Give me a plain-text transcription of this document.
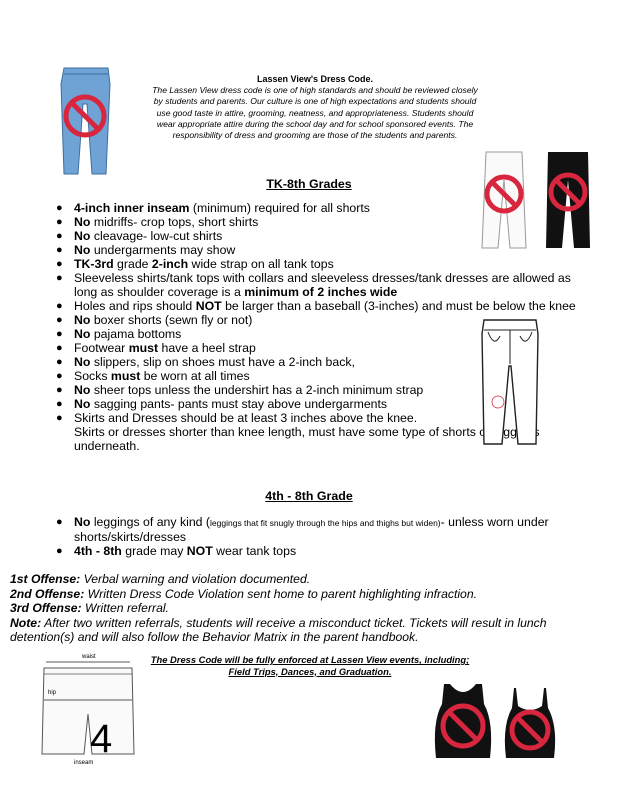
Lassen View's Dress Code.
The Lassen View dress code is one of high standards and should be reviewed closely by students and parents. Our culture is one of high expectations and students should use good taste in attire, grooming, neatness, and appropriateness. Students should wear appropriate attire during the school day and for school sponsored events. The responsibility of dress and grooming are those of the students and parents.
TK-8th Grades
● 4-inch inner inseam (minimum) required for all shorts
● No midriffs- crop tops, short shirts
● No cleavage- low-cut shirts
● No undergarments may show
● TK-3rd grade 2-inch wide strap on all tank tops
● Sleeveless shirts/tank tops with collars and sleeveless dresses/tank dresses are allowed as long as shoulder coverage is a minimum of 2 inches wide
● Holes and rips should NOT be larger than a baseball (3-inches) and must be below the knee
● No boxer shorts (sewn fly or not)
● No pajama bottoms
● Footwear must have a heel strap
● No slippers, slip on shoes must have a 2-inch back,
● Socks must be worn at all times
● No sheer tops unless the undershirt has a 2-inch minimum strap
● No sagging pants- pants must stay above undergarments
● Skirts and Dresses should be at least 3 inches above the knee.
Skirts or dresses shorter than knee length, must have some type of shorts or leggings underneath.
4th - 8th Grade
● No leggings of any kind (leggings that fit snugly through the hips and thighs but widen)- unless worn under shorts/skirts/dresses
● 4th - 8th grade may NOT wear tank tops
1st Offense: Verbal warning and violation documented.
2nd Offense: Written Dress Code Violation sent home to parent highlighting infraction.
3rd Offense: Written referral.
Note: After two written referrals, students will receive a misconduct ticket. Tickets will result in lunch detention(s) and will also follow the Behavior Matrix in the parent handbook.
The Dress Code will be fully enforced at Lassen View events, including;
Field Trips, Dances, and Graduation.
waist
hip
4
inseam
